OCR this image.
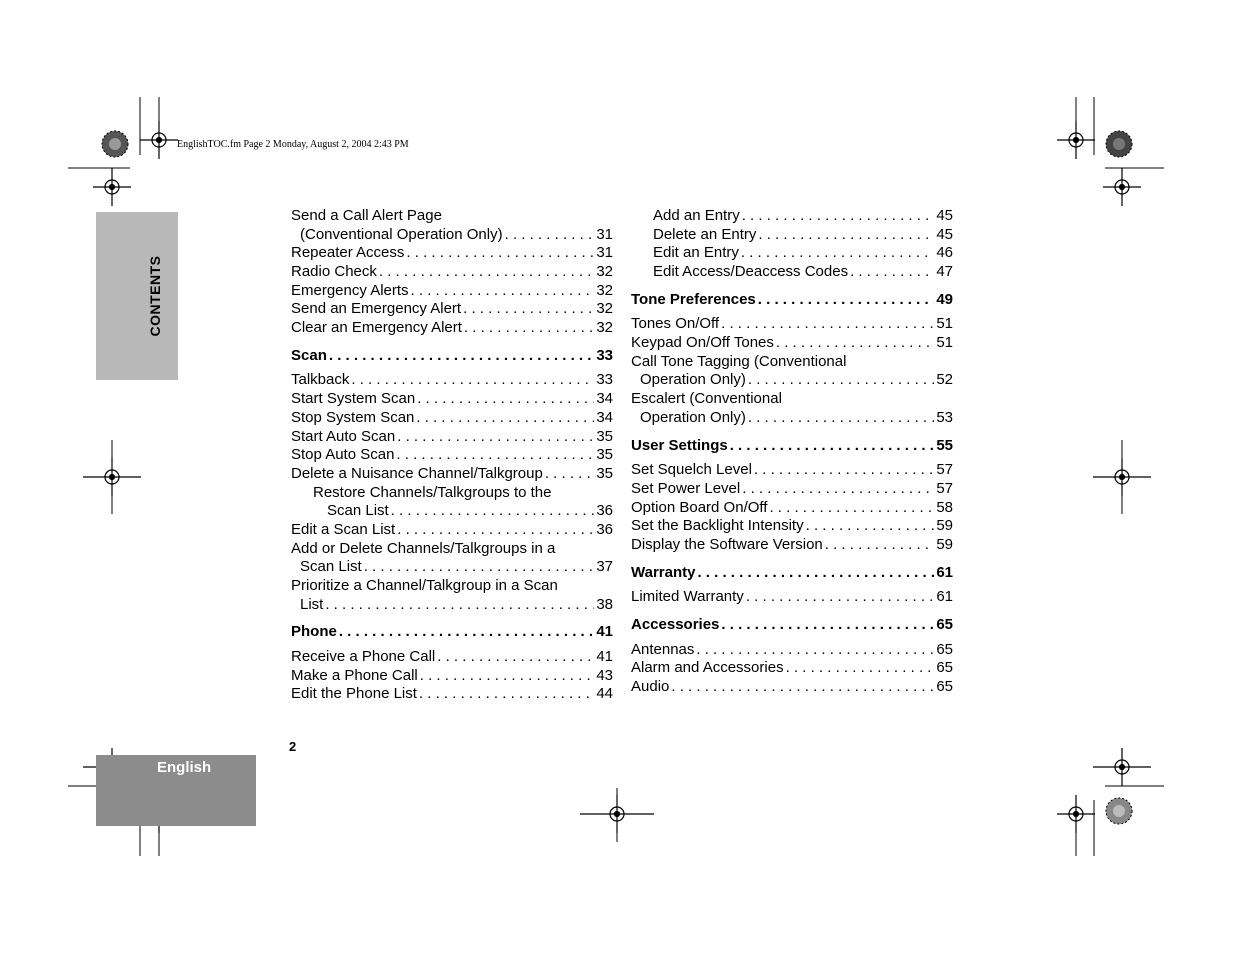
EnglishTOC.fm Page 2 Monday, August 2, 2004 2:43 PM
CONTENTS
English
2
Send a Call Alert Page
(Conventional Operation Only) . . .	31
Repeater Access . . .	31
Radio Check . . .	32
Emergency Alerts . . .	32
Send an Emergency Alert . . .	32
Clear an Emergency Alert . . .	32
Scan . . .	33
Talkback . . .	33
Start System Scan . . .	34
Stop System Scan . . .	34
Start Auto Scan . . .	35
Stop Auto Scan . . .	35
Delete a Nuisance Channel/Talkgroup . . .	35
Restore Channels/Talkgroups to the
Scan List . . .	36
Edit a Scan List . . .	36
Add or Delete Channels/Talkgroups in a
Scan List . . .	37
Prioritize a Channel/Talkgroup in a Scan
List . . .	38
Phone . . .	41
Receive a Phone Call . . .	41
Make a Phone Call . . .	43
Edit the Phone List . . .	44
Add an Entry . . .	45
Delete an Entry . . .	45
Edit an Entry . . .	46
Edit Access/Deaccess Codes . . .	47
Tone Preferences . . .	49
Tones On/Off . . .	51
Keypad On/Off Tones . . .	51
Call Tone Tagging (Conventional
Operation Only) . . .	52
Escalert (Conventional
Operation Only) . . .	53
User Settings . . .	55
Set Squelch Level . . .	57
Set Power Level . . .	57
Option Board On/Off . . .	58
Set the Backlight Intensity . . .	59
Display the Software Version . . .	59
Warranty . . .	61
Limited Warranty . . .	61
Accessories . . .	65
Antennas . . .	65
Alarm and Accessories . . .	65
Audio . . .	65
